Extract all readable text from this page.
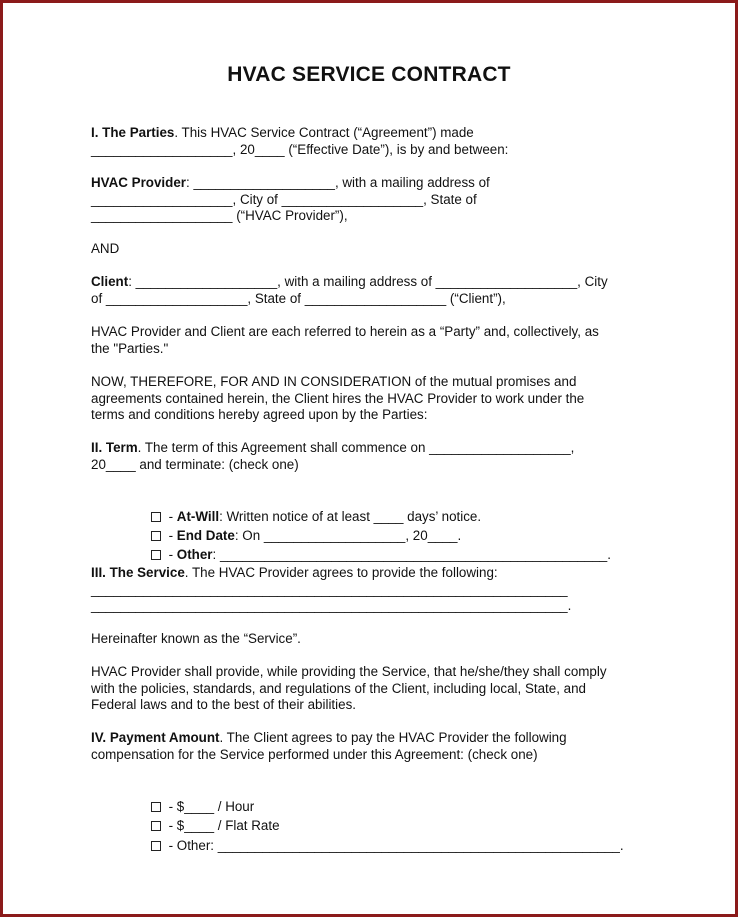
HVAC SERVICE CONTRACT
I. The Parties. This HVAC Service Contract (“Agreement”) made
___________________, 20____ (“Effective Date”), is by and between:
HVAC Provider: ___________________, with a mailing address of
___________________, City of ___________________, State of
___________________ (“HVAC Provider”),
AND
Client: ___________________, with a mailing address of ___________________, City
of ___________________, State of ___________________ (“Client”),
HVAC Provider and Client are each referred to herein as a “Party” and, collectively, as
the "Parties."
NOW, THEREFORE, FOR AND IN CONSIDERATION of the mutual promises and
agreements contained herein, the Client hires the HVAC Provider to work under the
terms and conditions hereby agreed upon by the Parties:
II. Term. The term of this Agreement shall commence on ___________________,
20____ and terminate: (check one)

- At-Will: Written notice of at least ____ days’ notice.

- End Date: On ___________________, 20____.

- Other: ____________________________________________________.

III. The Service. The HVAC Provider agrees to provide the following:
________________________________________________________________
________________________________________________________________.
Hereinafter known as the “Service”.
HVAC Provider shall provide, while providing the Service, that he/she/they shall comply
with the policies, standards, and regulations of the Client, including local, State, and
Federal laws and to the best of their abilities.
IV. Payment Amount. The Client agrees to pay the HVAC Provider the following
compensation for the Service performed under this Agreement: (check one)

- $____ / Hour

- $____ / Flat Rate

- Other: ______________________________________________________.
